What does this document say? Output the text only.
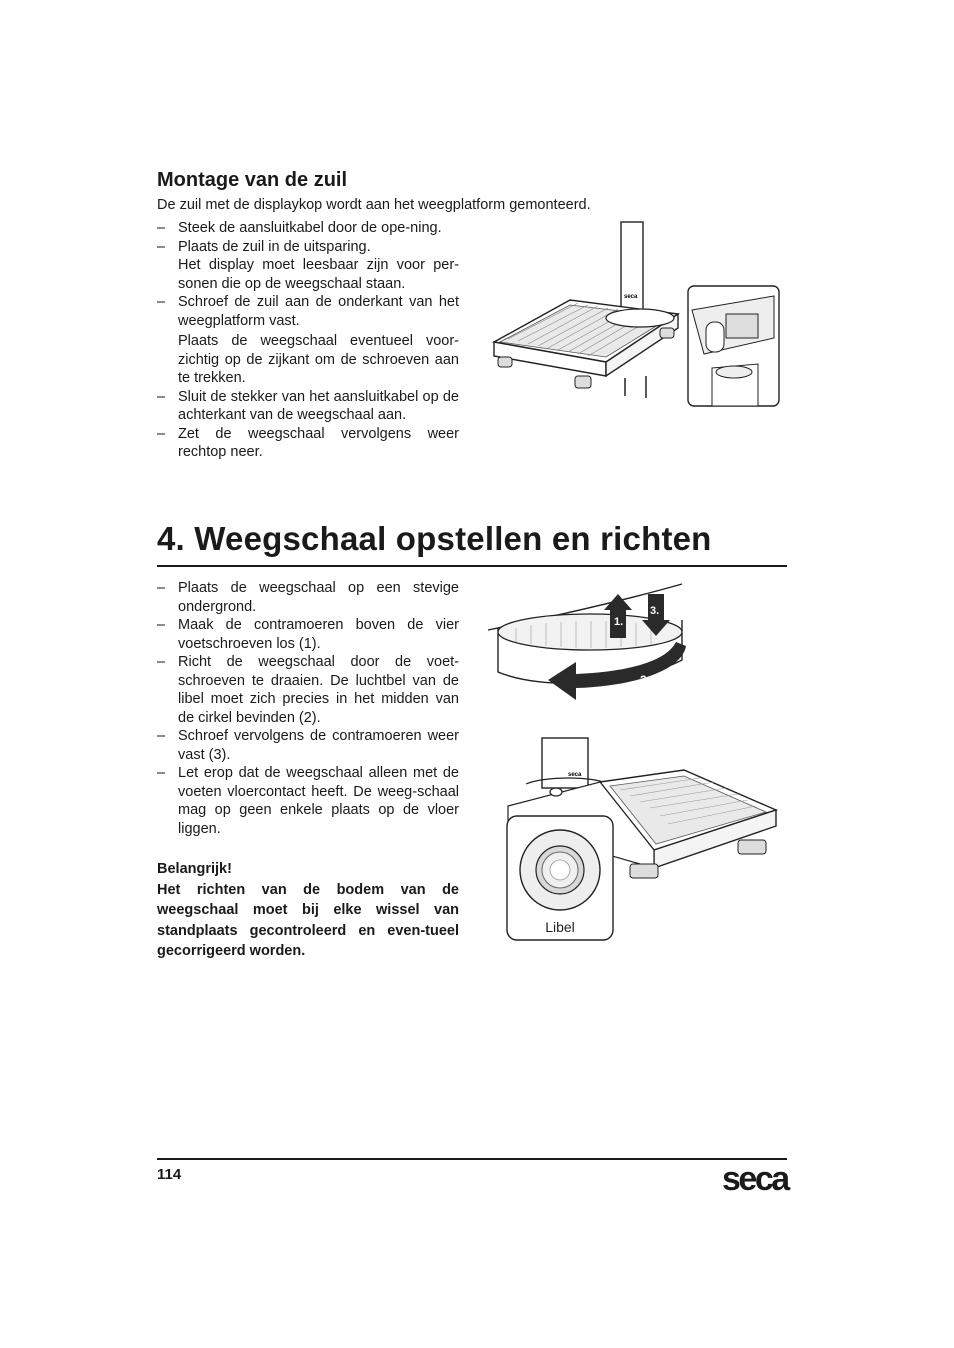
Montage van de zuil

De zuil met de displaykop wordt aan het weegplatform gemonteerd.

– Steek de aansluitkabel door de ope-ning.
– Plaats de zuil in de uitsparing.
Het display moet leesbaar zijn voor per-sonen die op de weegschaal staan.
– Schroef de zuil aan de onderkant van het weegplatform vast.
Plaats de weegschaal eventueel voor-zichtig op de zijkant om de schroeven aan te trekken.
– Sluit de stekker van het aansluitkabel op de achterkant van de weegschaal aan.
– Zet de weegschaal vervolgens weer rechtop neer.
seca
4. Weegschaal opstellen en richten
– Plaats de weegschaal op een stevige ondergrond.
– Maak de contramoeren boven de vier voetschroeven los (1).
– Richt de weegschaal door de voet-schroeven te draaien. De luchtbel van de libel moet zich precies in het midden van de cirkel bevinden (2).
– Schroef vervolgens de contramoeren weer vast (3).
– Let erop dat de weegschaal alleen met de voeten vloercontact heeft. De weeg-schaal mag op geen enkele plaats op de vloer liggen.
Belangrijk!
Het richten van de bodem van de weegschaal moet bij elke wissel van standplaats gecontroleerd en even-tueel gecorrigeerd worden.
1.
3.
2.
seca
Libel
114	seca
